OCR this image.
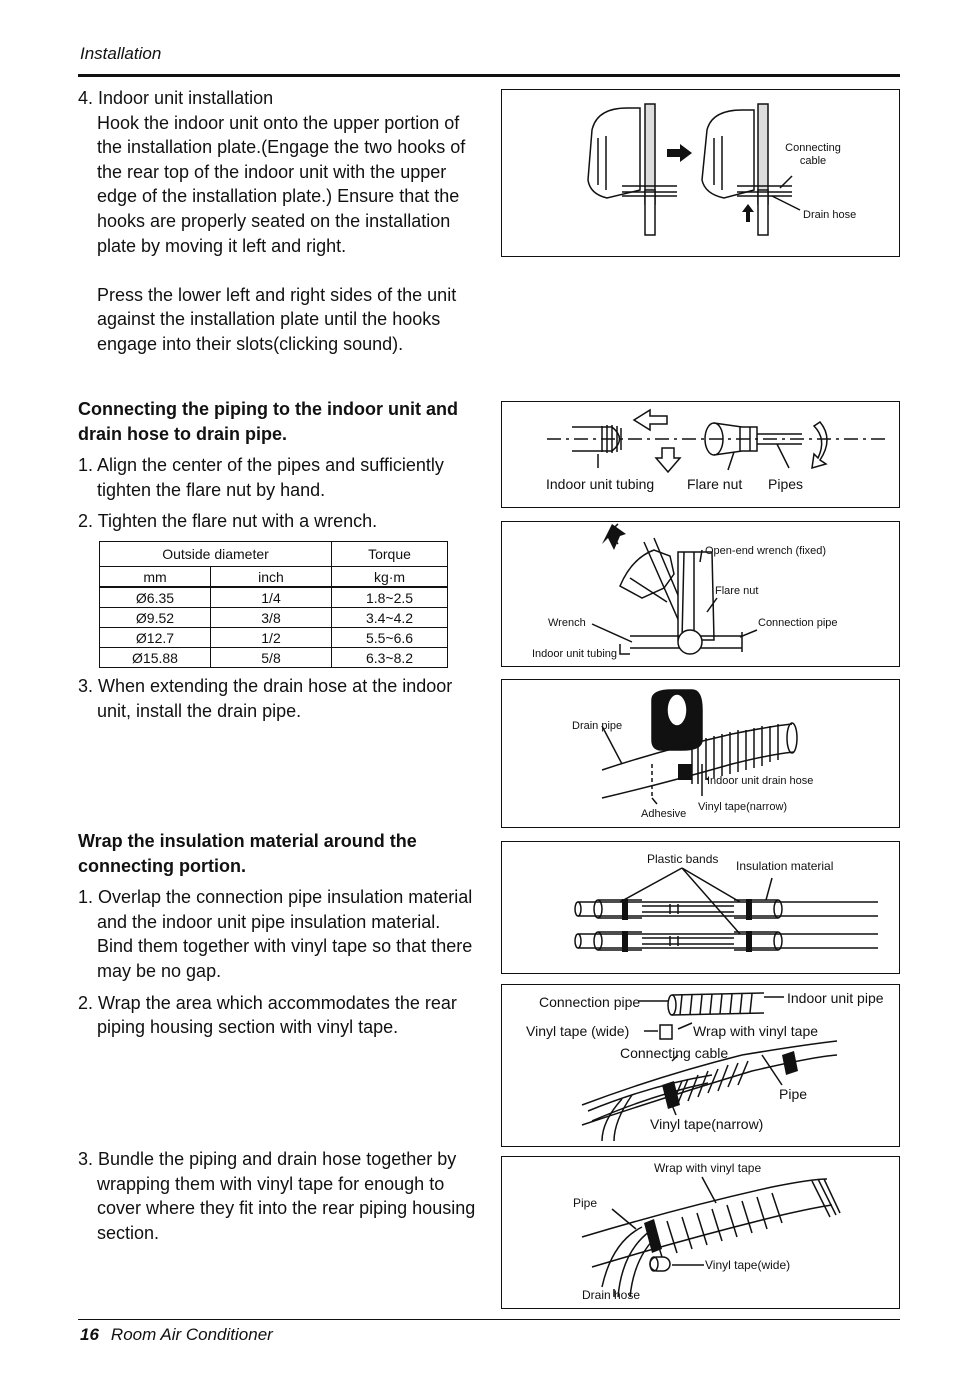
Installation
16 Room Air Conditioner

4. Indoor unit installation

Hook the indoor unit onto the upper portion of the installation plate.(Engage the two hooks of the rear top of the indoor unit with the upper edge of the installation plate.) Ensure that the hooks are properly seated on the installation plate by moving it left and right.

Press the lower left and right sides of the unit against the installation plate until the hooks engage into their slots(clicking sound).

Connecting the piping to the indoor unit and drain hose to drain pipe.

1. Align the center of the pipes and sufficiently tighten the flare nut by hand.

2. Tighten the flare nut with a wrench.

Outside diameter		Torque
mm	inch	kg·m
Ø6.35	1/4	1.8~2.5
Ø9.52	3/8	3.4~4.2
Ø12.7	1/2	5.5~6.6
Ø15.88	5/8	6.3~8.2

3. When extending the drain hose at the indoor unit, install the drain pipe.

Wrap the insulation material around the connecting portion.

1. Overlap the connection pipe insulation material and the indoor unit pipe insulation material. Bind them together with vinyl tape so that there may be no gap.

2. Wrap the area which accommodates the rear piping housing section with vinyl tape.

3. Bundle the piping and drain hose together by wrapping them with vinyl tape for enough to cover where they fit into the rear piping housing section.

Connecting cable
Drain hose
Indoor unit tubing Flare nut Pipes
Open-end wrench (fixed)
Flare nut
Wrench	Connection pipe
Indoor unit tubing
Drain pipe
Indoor unit drain hose
Vinyl tape(narrow)
Adhesive
Plastic bands Insulation material
Connection pipe	Indoor unit pipe
Vinyl tape (wide)	Wrap with vinyl tape
Connecting cable
Pipe
Vinyl tape(narrow)
Wrap with vinyl tape
Pipe
Vinyl tape(wide)
Drain hose
